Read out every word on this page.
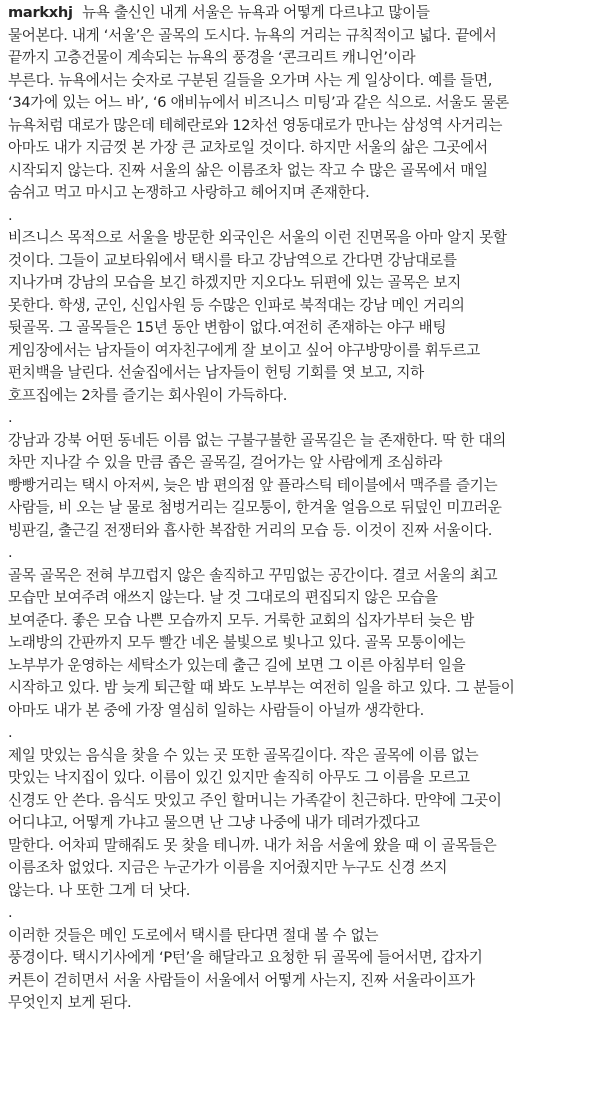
markxhj 뉴욕 출신인 내게 서울은 뉴욕과 어떻게 다르냐고 많이들
물어본다. 내게 ‘서울’은 골목의 도시다. 뉴욕의 거리는 규칙적이고 넓다. 끝에서
끝까지 고층건물이 계속되는 뉴욕의 풍경을 ‘콘크리트 캐니언’이라
부른다. 뉴욕에서는 숫자로 구분된 길들을 오가며 사는 게 일상이다. 예를 들면,
‘34가에 있는 어느 바’, ‘6 애비뉴에서 비즈니스 미팅’과 같은 식으로. 서울도 물론
뉴욕처럼 대로가 많은데 테헤란로와 12차선 영동대로가 만나는 삼성역 사거리는
아마도 내가 지금껏 본 가장 큰 교차로일 것이다. 하지만 서울의 삶은 그곳에서
시작되지 않는다. 진짜 서울의 삶은 이름조차 없는 작고 수 많은 골목에서 매일
숨쉬고 먹고 마시고 논쟁하고 사랑하고 헤어지며 존재한다.

.

비즈니스 목적으로 서울을 방문한 외국인은 서울의 이런 진면목을 아마 알지 못할
것이다. 그들이 교보타워에서 택시를 타고 강남역으로 간다면 강남대로를
지나가며 강남의 모습을 보긴 하겠지만 지오다노 뒤편에 있는 골목은 보지
못한다. 학생, 군인, 신입사원 등 수많은 인파로 북적대는 강남 메인 거리의
뒷골목. 그 골목들은 15년 동안 변함이 없다.여전히 존재하는 야구 배팅
게임장에서는 남자들이 여자친구에게 잘 보이고 싶어 야구방망이를 휘두르고
펀치백을 날린다. 선술집에서는 남자들이 헌팅 기회를 엿 보고, 지하
호프집에는 2차를 즐기는 회사원이 가득하다.

.

강남과 강북 어떤 동네든 이름 없는 구불구불한 골목길은 늘 존재한다. 딱 한 대의
차만 지나갈 수 있을 만큼 좁은 골목길, 걸어가는 앞 사람에게 조심하라
빵빵거리는 택시 아저씨, 늦은 밤 편의점 앞 플라스틱 테이블에서 맥주를 즐기는
사람들, 비 오는 날 물로 첨벙거리는 길모퉁이, 한겨울 얼음으로 뒤덮인 미끄러운
빙판길, 출근길 전쟁터와 흡사한 복잡한 거리의 모습 등. 이것이 진짜 서울이다.

.

골목 골목은 전혀 부끄럽지 않은 솔직하고 꾸밈없는 공간이다. 결코 서울의 최고
모습만 보여주려 애쓰지 않는다. 날 것 그대로의 편집되지 않은 모습을
보여준다. 좋은 모습 나쁜 모습까지 모두. 거룩한 교회의 십자가부터 늦은 밤
노래방의 간판까지 모두 빨간 네온 불빛으로 빛나고 있다. 골목 모퉁이에는
노부부가 운영하는 세탁소가 있는데 출근 길에 보면 그 이른 아침부터 일을
시작하고 있다. 밤 늦게 퇴근할 때 봐도 노부부는 여전히 일을 하고 있다. 그 분들이
아마도 내가 본 중에 가장 열심히 일하는 사람들이 아닐까 생각한다.

.

제일 맛있는 음식을 찾을 수 있는 곳 또한 골목길이다. 작은 골목에 이름 없는
맛있는 낙지집이 있다. 이름이 있긴 있지만 솔직히 아무도 그 이름을 모르고
신경도 안 쓴다. 음식도 맛있고 주인 할머니는 가족같이 친근하다. 만약에 그곳이
어디냐고, 어떻게 가냐고 물으면 난 그냥 나중에 내가 데려가겠다고
말한다. 어차피 말해줘도 못 찾을 테니까. 내가 처음 서울에 왔을 때 이 골목들은
이름조차 없었다. 지금은 누군가가 이름을 지어줬지만 누구도 신경 쓰지
않는다. 나 또한 그게 더 낫다.

.

이러한 것들은 메인 도로에서 택시를 탄다면 절대 볼 수 없는
풍경이다. 택시기사에게 ‘P턴’을 해달라고 요청한 뒤 골목에 들어서면, 갑자기
커튼이 걷히면서 서울 사람들이 서울에서 어떻게 사는지, 진짜 서울라이프가
무엇인지 보게 된다.
